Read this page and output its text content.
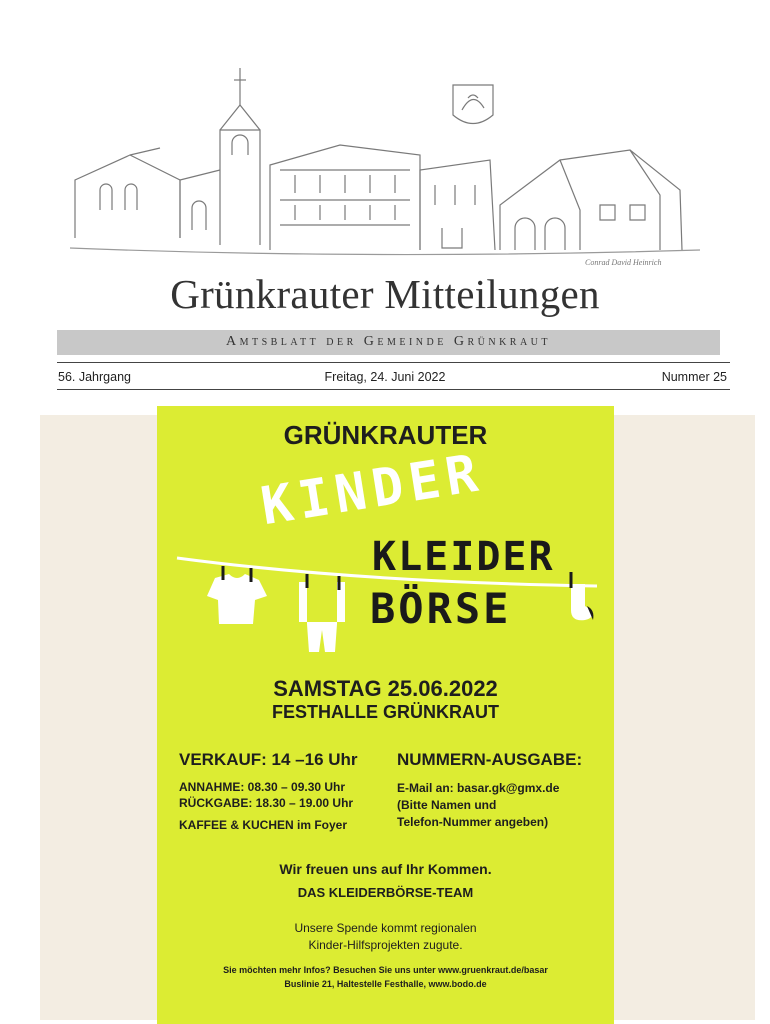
Conrad David Heinrich
Grünkrauter Mitteilungen
Amtsblatt der Gemeinde Grünkraut
56. Jahrgang	Freitag, 24. Juni 2022	Nummer 25
GRÜNKRAUTER
KINDER
KLEIDER
BÖRSE
SAMSTAG 25.06.2022
FESTHALLE GRÜNKRAUT
VERKAUF: 14 –16 Uhr
ANNAHME: 08.30 – 09.30 Uhr
RÜCKGABE: 18.30 – 19.00 Uhr
KAFFEE & KUCHEN im Foyer
NUMMERN-AUSGABE:
E-Mail an: basar.gk@gmx.de
(Bitte Namen und
Telefon-Nummer angeben)
Wir freuen uns auf Ihr Kommen.
DAS KLEIDERBÖRSE-TEAM
Unsere Spende kommt regionalen
Kinder-Hilfsprojekten zugute.
Sie möchten mehr Infos? Besuchen Sie uns unter www.gruenkraut.de/basar
Buslinie 21, Haltestelle Festhalle, www.bodo.de
